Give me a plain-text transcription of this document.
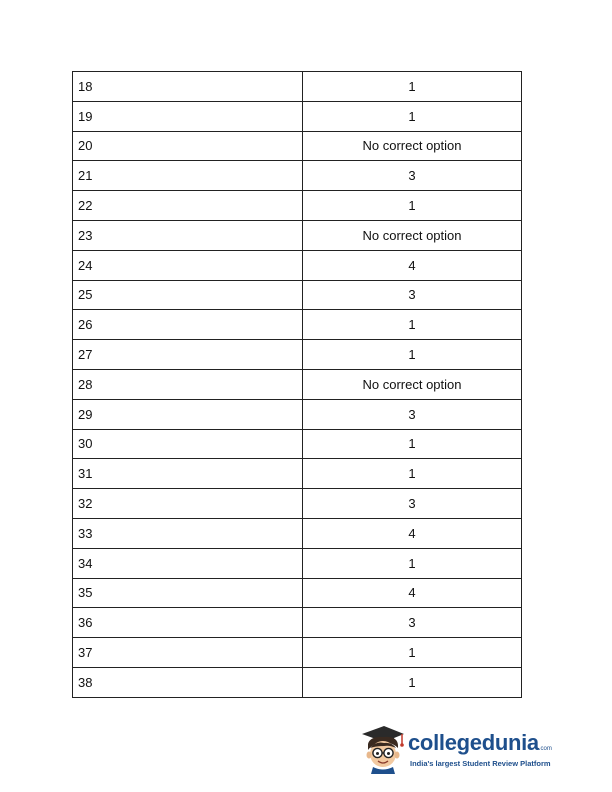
18	1
19	1
20	No correct option
21	3
22	1
23	No correct option
24	4
25	3
26	1
27	1
28	No correct option
29	3
30	1
31	1
32	3
33	4
34	1
35	4
36	3
37	1
38	1
collegedunia.com
India's largest Student Review Platform
